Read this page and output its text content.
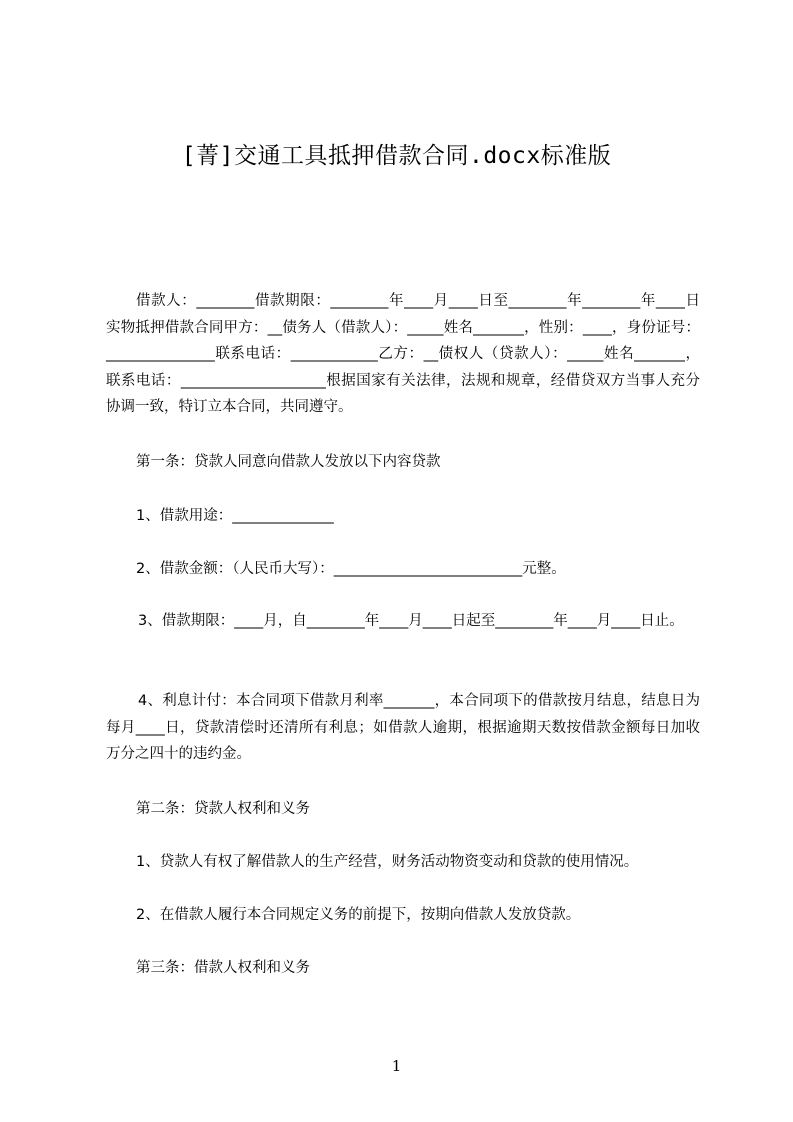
[菁]交通工具抵押借款合同.docx标准版
借款人：________借款期限：________年____月____日至________年________年____日实物抵押借款合同甲方：__债务人（借款人）：_____姓名_______，性别：____，身份证号：_______________联系电话：____________乙方：__债权人（贷款人）：_____姓名_______，联系电话：____________________根据国家有关法律，法规和规章，经借贷双方当事人充分协调一致，特订立本合同，共同遵守。
第一条：贷款人同意向借款人发放以下内容贷款
1、借款用途：______________
2、借款金额：（人民币大写）：__________________________元整。
3、借款期限：____月，自________年____月____日起至________年____月____日止。
4、利息计付：本合同项下借款月利率_______，本合同项下的借款按月结息，结息日为每月____日，贷款清偿时还清所有利息；如借款人逾期，根据逾期天数按借款金额每日加收万分之四十的违约金。
第二条：贷款人权利和义务
1、贷款人有权了解借款人的生产经营，财务活动物资变动和贷款的使用情况。
2、在借款人履行本合同规定义务的前提下，按期向借款人发放贷款。
第三条：借款人权利和义务
1
